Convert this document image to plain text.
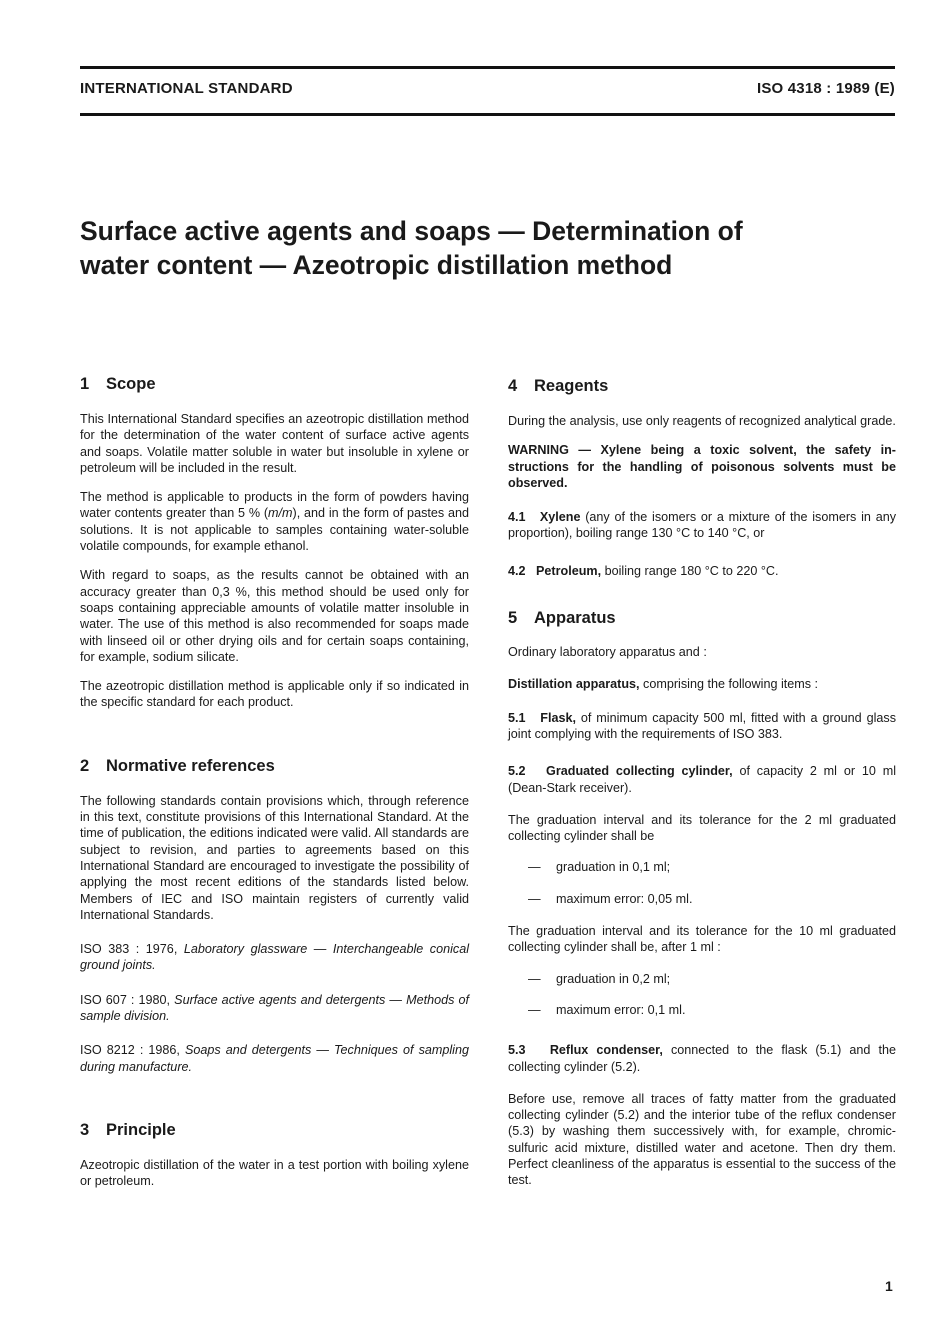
INTERNATIONAL STANDARD	ISO 4318 : 1989 (E)
Surface active agents and soaps — Determination of
water content — Azeotropic distillation method
1 Scope

This International Standard specifies an azeotropic distillation method for the determination of the water content of surface active agents and soaps. Volatile matter soluble in water but insoluble in xylene or petroleum will be included in the result.

The method is applicable to products in the form of powders having water contents greater than 5 % (m/m), and in the form of pastes and solutions. It is not applicable to samples containing water-soluble volatile compounds, for example ethanol.

With regard to soaps, as the results cannot be obtained with an accuracy greater than 0,3 %, this method should be used only for soaps containing appreciable amounts of volatile matter insoluble in water. The use of this method is also recommended for soaps made with linseed oil or other drying oils and for certain soaps containing, for example, sodium silicate.

The azeotropic distillation method is applicable only if so indicated in the specific standard for each product.

2 Normative references

The following standards contain provisions which, through reference in this text, constitute provisions of this International Standard. At the time of publication, the editions indicated were valid. All standards are subject to revision, and parties to agreements based on this International Standard are encouraged to investigate the possibility of applying the most recent editions of the standards listed below. Members of IEC and ISO maintain registers of currently valid International Standards.

ISO 383 : 1976, Laboratory glassware — Interchangeable conical ground joints.

ISO 607 : 1980, Surface active agents and detergents — Methods of sample division.

ISO 8212 : 1986, Soaps and detergents — Techniques of sampling during manufacture.

3 Principle

Azeotropic distillation of the water in a test portion with boiling xylene or petroleum.

4 Reagents

During the analysis, use only reagents of recognized analytical grade.

WARNING — Xylene being a toxic solvent, the safety instructions for the handling of poisonous solvents must be observed.

4.1 Xylene (any of the isomers or a mixture of the isomers in any proportion), boiling range 130 °C to 140 °C, or

4.2 Petroleum, boiling range 180 °C to 220 °C.

5 Apparatus

Ordinary laboratory apparatus and :

Distillation apparatus, comprising the following items :

5.1 Flask, of minimum capacity 500 ml, fitted with a ground glass joint complying with the requirements of ISO 383.

5.2 Graduated collecting cylinder, of capacity 2 ml or 10 ml (Dean-Stark receiver).

The graduation interval and its tolerance for the 2 ml graduated collecting cylinder shall be

—	graduation in 0,1 ml;
—	maximum error: 0,05 ml.

The graduation interval and its tolerance for the 10 ml graduated collecting cylinder shall be, after 1 ml :

—	graduation in 0,2 ml;
—	maximum error: 0,1 ml.

5.3 Reflux condenser, connected to the flask (5.1) and the collecting cylinder (5.2).

Before use, remove all traces of fatty matter from the graduated collecting cylinder (5.2) and the interior tube of the reflux condenser (5.3) by washing them successively with, for example, chromic-sulfuric acid mixture, distilled water and acetone. Then dry them. Perfect cleanliness of the apparatus is essential to the success of the test.

1
